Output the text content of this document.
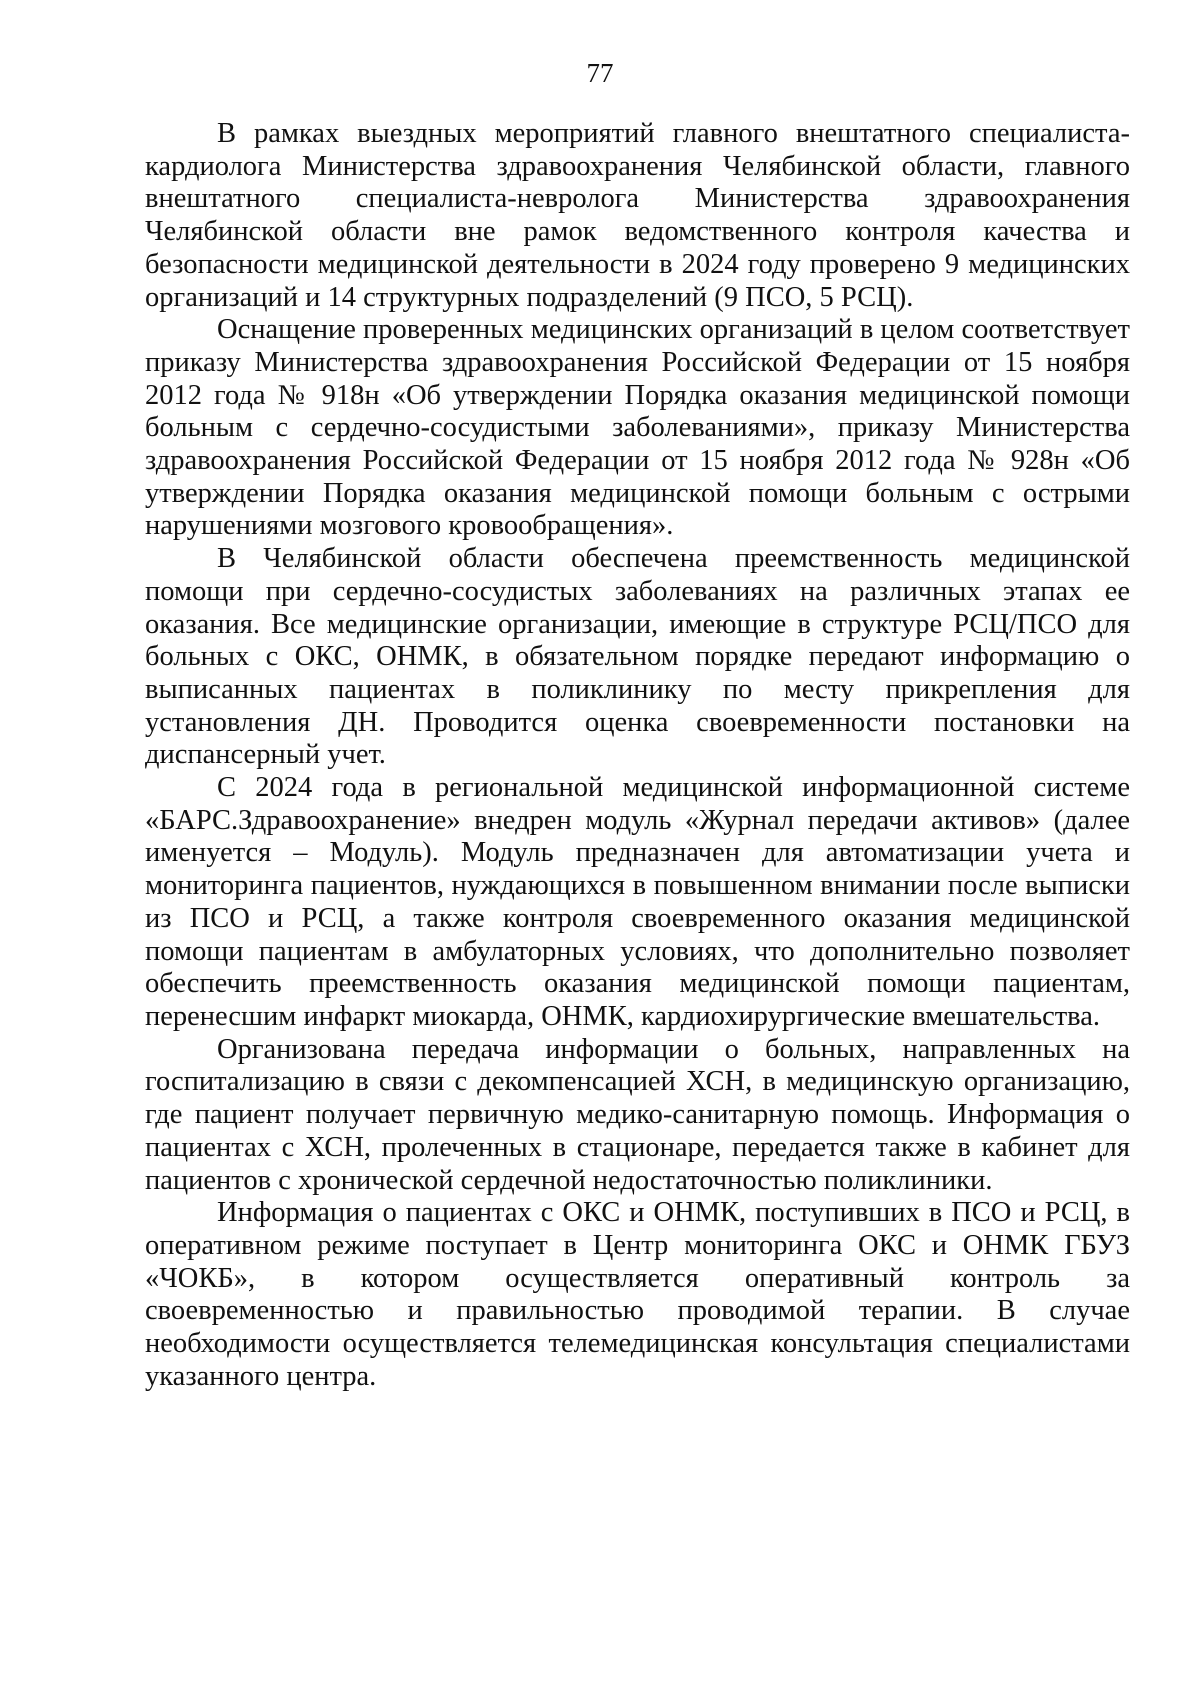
77

В рамках выездных мероприятий главного внештатного специалиста-кардиолога Министерства здравоохранения Челябинской области, главного внештатного специалиста-невролога Министерства здравоохранения Челябинской области вне рамок ведомственного контроля качества и безопасности медицинской деятельности в 2024 году проверено 9 медицинских организаций и 14 структурных подразделений (9 ПСО, 5 РСЦ).

Оснащение проверенных медицинских организаций в целом соответствует приказу Министерства здравоохранения Российской Федерации от 15 ноября 2012 года № 918н «Об утверждении Порядка оказания медицинской помощи больным с сердечно-сосудистыми заболеваниями», приказу Министерства здравоохранения Российской Федерации от 15 ноября 2012 года № 928н «Об утверждении Порядка оказания медицинской помощи больным с острыми нарушениями мозгового кровообращения».

В Челябинской области обеспечена преемственность медицинской помощи при сердечно-сосудистых заболеваниях на различных этапах ее оказания. Все медицинские организации, имеющие в структуре РСЦ/ПСО для больных с ОКС, ОНМК, в обязательном порядке передают информацию о выписанных пациентах в поликлинику по месту прикрепления для установления ДН. Проводится оценка своевременности постановки на диспансерный учет.

С 2024 года в региональной медицинской информационной системе «БАРС.Здравоохранение» внедрен модуль «Журнал передачи активов» (далее именуется – Модуль). Модуль предназначен для автоматизации учета и мониторинга пациентов, нуждающихся в повышенном внимании после выписки из ПСО и РСЦ, а также контроля своевременного оказания медицинской помощи пациентам в амбулаторных условиях, что дополнительно позволяет обеспечить преемственность оказания медицинской помощи пациентам, перенесшим инфаркт миокарда, ОНМК, кардиохирургические вмешательства.

Организована передача информации о больных, направленных на госпитализацию в связи с декомпенсацией ХСН, в медицинскую организацию, где пациент получает первичную медико-санитарную помощь. Информация о пациентах с ХСН, пролеченных в стационаре, передается также в кабинет для пациентов с хронической сердечной недостаточностью поликлиники.

Информация о пациентах с ОКС и ОНМК, поступивших в ПСО и РСЦ, в оперативном режиме поступает в Центр мониторинга ОКС и ОНМК ГБУЗ «ЧОКБ», в котором осуществляется оперативный контроль за своевременностью и правильностью проводимой терапии. В случае необходимости осуществляется телемедицинская консультация специалистами указанного центра.
